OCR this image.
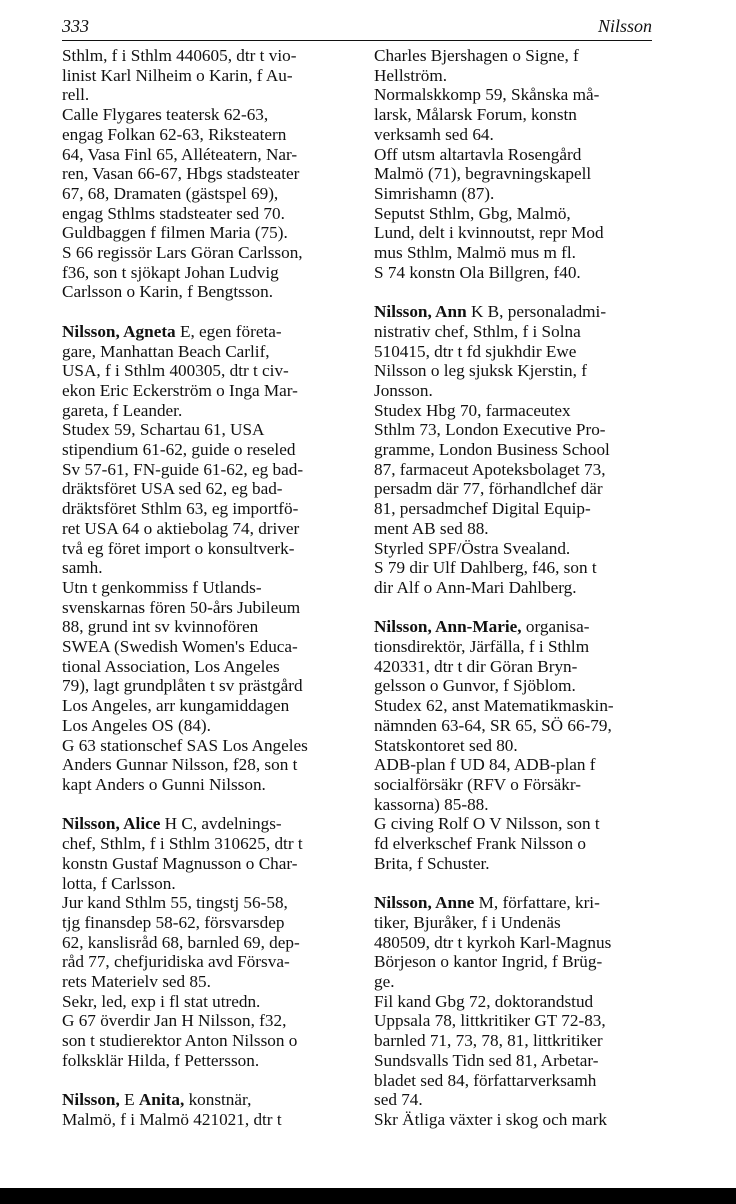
333	Nilsson
Sthlm, f i Sthlm 440605, dtr t vio-
linist Karl Nilheim o Karin, f Au-
rell.
Calle Flygares teatersk 62-63,
engag Folkan 62-63, Riksteatern
64, Vasa Finl 65, Alléteatern, Nar-
ren, Vasan 66-67, Hbgs stadsteater
67, 68, Dramaten (gästspel 69),
engag Sthlms stadsteater sed 70.
Guldbaggen f filmen Maria (75).
S 66 regissör Lars Göran Carlsson,
f36, son t sjökapt Johan Ludvig
Carlsson o Karin, f Bengtsson.
Nilsson, Agneta E, egen företa-
gare, Manhattan Beach Carlif,
USA, f i Sthlm 400305, dtr t civ-
ekon Eric Eckerström o Inga Mar-
gareta, f Leander.
Studex 59, Schartau 61, USA
stipendium 61-62, guide o reseled
Sv 57-61, FN-guide 61-62, eg bad-
dräktsföret USA sed 62, eg bad-
dräktsföret Sthlm 63, eg importfö-
ret USA 64 o aktiebolag 74, driver
två eg föret import o konsultverk-
samh.
Utn t genkommiss f Utlands-
svenskarnas fören 50-års Jubileum
88, grund int sv kvinnofören
SWEA (Swedish Women's Educa-
tional Association, Los Angeles
79), lagt grundplåten t sv prästgård
Los Angeles, arr kungamiddagen
Los Angeles OS (84).
G 63 stationschef SAS Los Angeles
Anders Gunnar Nilsson, f28, son t
kapt Anders o Gunni Nilsson.
Nilsson, Alice H C, avdelnings-
chef, Sthlm, f i Sthlm 310625, dtr t
konstn Gustaf Magnusson o Char-
lotta, f Carlsson.
Jur kand Sthlm 55, tingstj 56-58,
tjg finansdep 58-62, försvarsdep
62, kanslisråd 68, barnled 69, dep-
råd 77, chefjuridiska avd Försva-
rets Materielv sed 85.
Sekr, led, exp i fl stat utredn.
G 67 överdir Jan H Nilsson, f32,
son t studierektor Anton Nilsson o
folksklär Hilda, f Pettersson.
Nilsson, E Anita, konstnär,
Malmö, f i Malmö 421021, dtr t
Charles Bjershagen o Signe, f
Hellström.
Normalskkomp 59, Skånska må-
larsk, Målarsk Forum, konstn
verksamh sed 64.
Off utsm altartavla Rosengård
Malmö (71), begravningskapell
Simrishamn (87).
Seputst Sthlm, Gbg, Malmö,
Lund, delt i kvinnoutst, repr Mod
mus Sthlm, Malmö mus m fl.
S 74 konstn Ola Billgren, f40.
Nilsson, Ann K B, personaladmi-
nistrativ chef, Sthlm, f i Solna
510415, dtr t fd sjukhdir Ewe
Nilsson o leg sjuksk Kjerstin, f
Jonsson.
Studex Hbg 70, farmaceutex
Sthlm 73, London Executive Pro-
gramme, London Business School
87, farmaceut Apoteksbolaget 73,
persadm där 77, förhandlchef där
81, persadmchef Digital Equip-
ment AB sed 88.
Styrled SPF/Östra Svealand.
S 79 dir Ulf Dahlberg, f46, son t
dir Alf o Ann-Mari Dahlberg.
Nilsson, Ann-Marie, organisa-
tionsdirektör, Järfälla, f i Sthlm
420331, dtr t dir Göran Bryn-
gelsson o Gunvor, f Sjöblom.
Studex 62, anst Matematikmaskin-
nämnden 63-64, SR 65, SÖ 66-79,
Statskontoret sed 80.
ADB-plan f UD 84, ADB-plan f
socialförsäkr (RFV o Försäkr-
kassorna) 85-88.
G civing Rolf O V Nilsson, son t
fd elverkschef Frank Nilsson o
Brita, f Schuster.
Nilsson, Anne M, författare, kri-
tiker, Bjuråker, f i Undenäs
480509, dtr t kyrkoh Karl-Magnus
Börjeson o kantor Ingrid, f Brüg-
ge.
Fil kand Gbg 72, doktorandstud
Uppsala 78, littkritiker GT 72-83,
barnled 71, 73, 78, 81, littkritiker
Sundsvalls Tidn sed 81, Arbetar-
bladet sed 84, författarverksamh
sed 74.
Skr Ätliga växter i skog och mark
